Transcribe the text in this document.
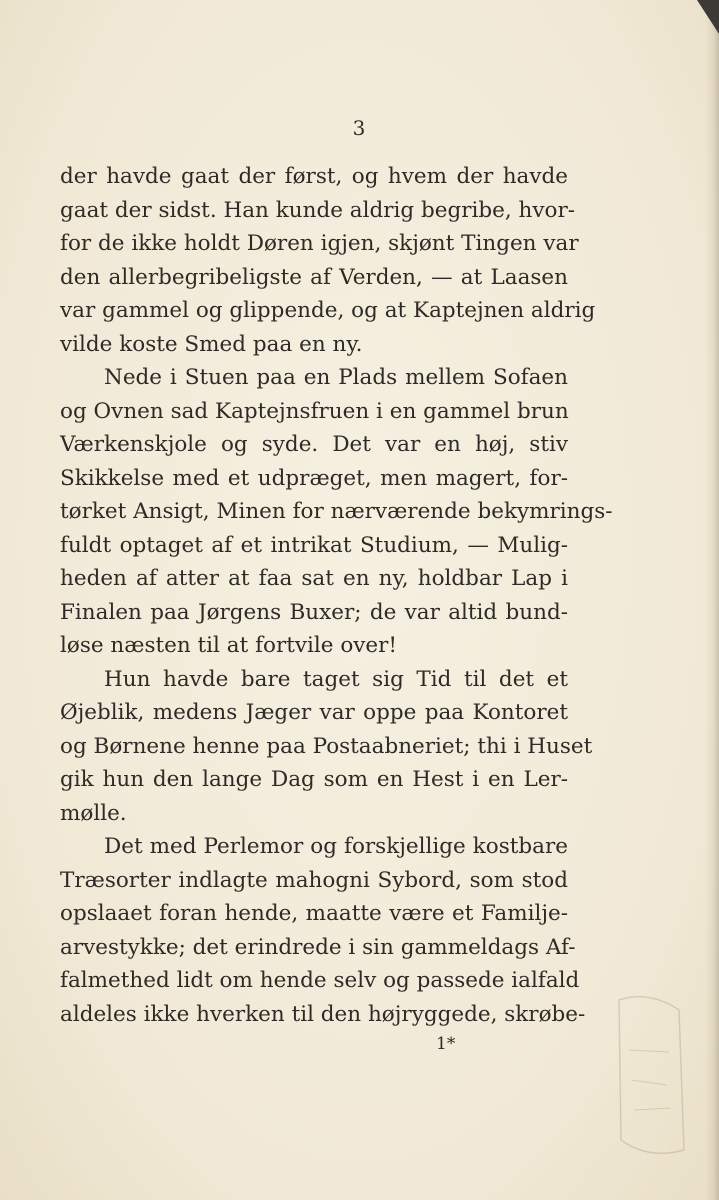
3
der havde gaat der først, og hvem der havde
gaat der sidst. Han kunde aldrig begribe, hvor-
for de ikke holdt Døren igjen, skjønt Tingen var
den allerbegribeligste af Verden, — at Laasen
var gammel og glippende, og at Kaptejnen aldrig
vilde koste Smed paa en ny.
Nede i Stuen paa en Plads mellem Sofaen
og Ovnen sad Kaptejnsfruen i en gammel brun
Værkenskjole og syde. Det var en høj, stiv
Skikkelse med et udpræget, men magert, for-
tørket Ansigt, Minen for nærværende bekymrings-
fuldt optaget af et intrikat Studium, — Mulig-
heden af atter at faa sat en ny, holdbar Lap i
Finalen paa Jørgens Buxer; de var altid bund-
løse næsten til at fortvile over!
Hun havde bare taget sig Tid til det et
Øjeblik, medens Jæger var oppe paa Kontoret
og Børnene henne paa Postaabneriet; thi i Huset
gik hun den lange Dag som en Hest i en Ler-
mølle.
Det med Perlemor og forskjellige kostbare
Træsorter indlagte mahogni Sybord, som stod
opslaaet foran hende, maatte være et Familje-
arvestykke; det erindrede i sin gammeldags Af-
falmethed lidt om hende selv og passede ialfald
aldeles ikke hverken til den højryggede, skrøbe-
1*
